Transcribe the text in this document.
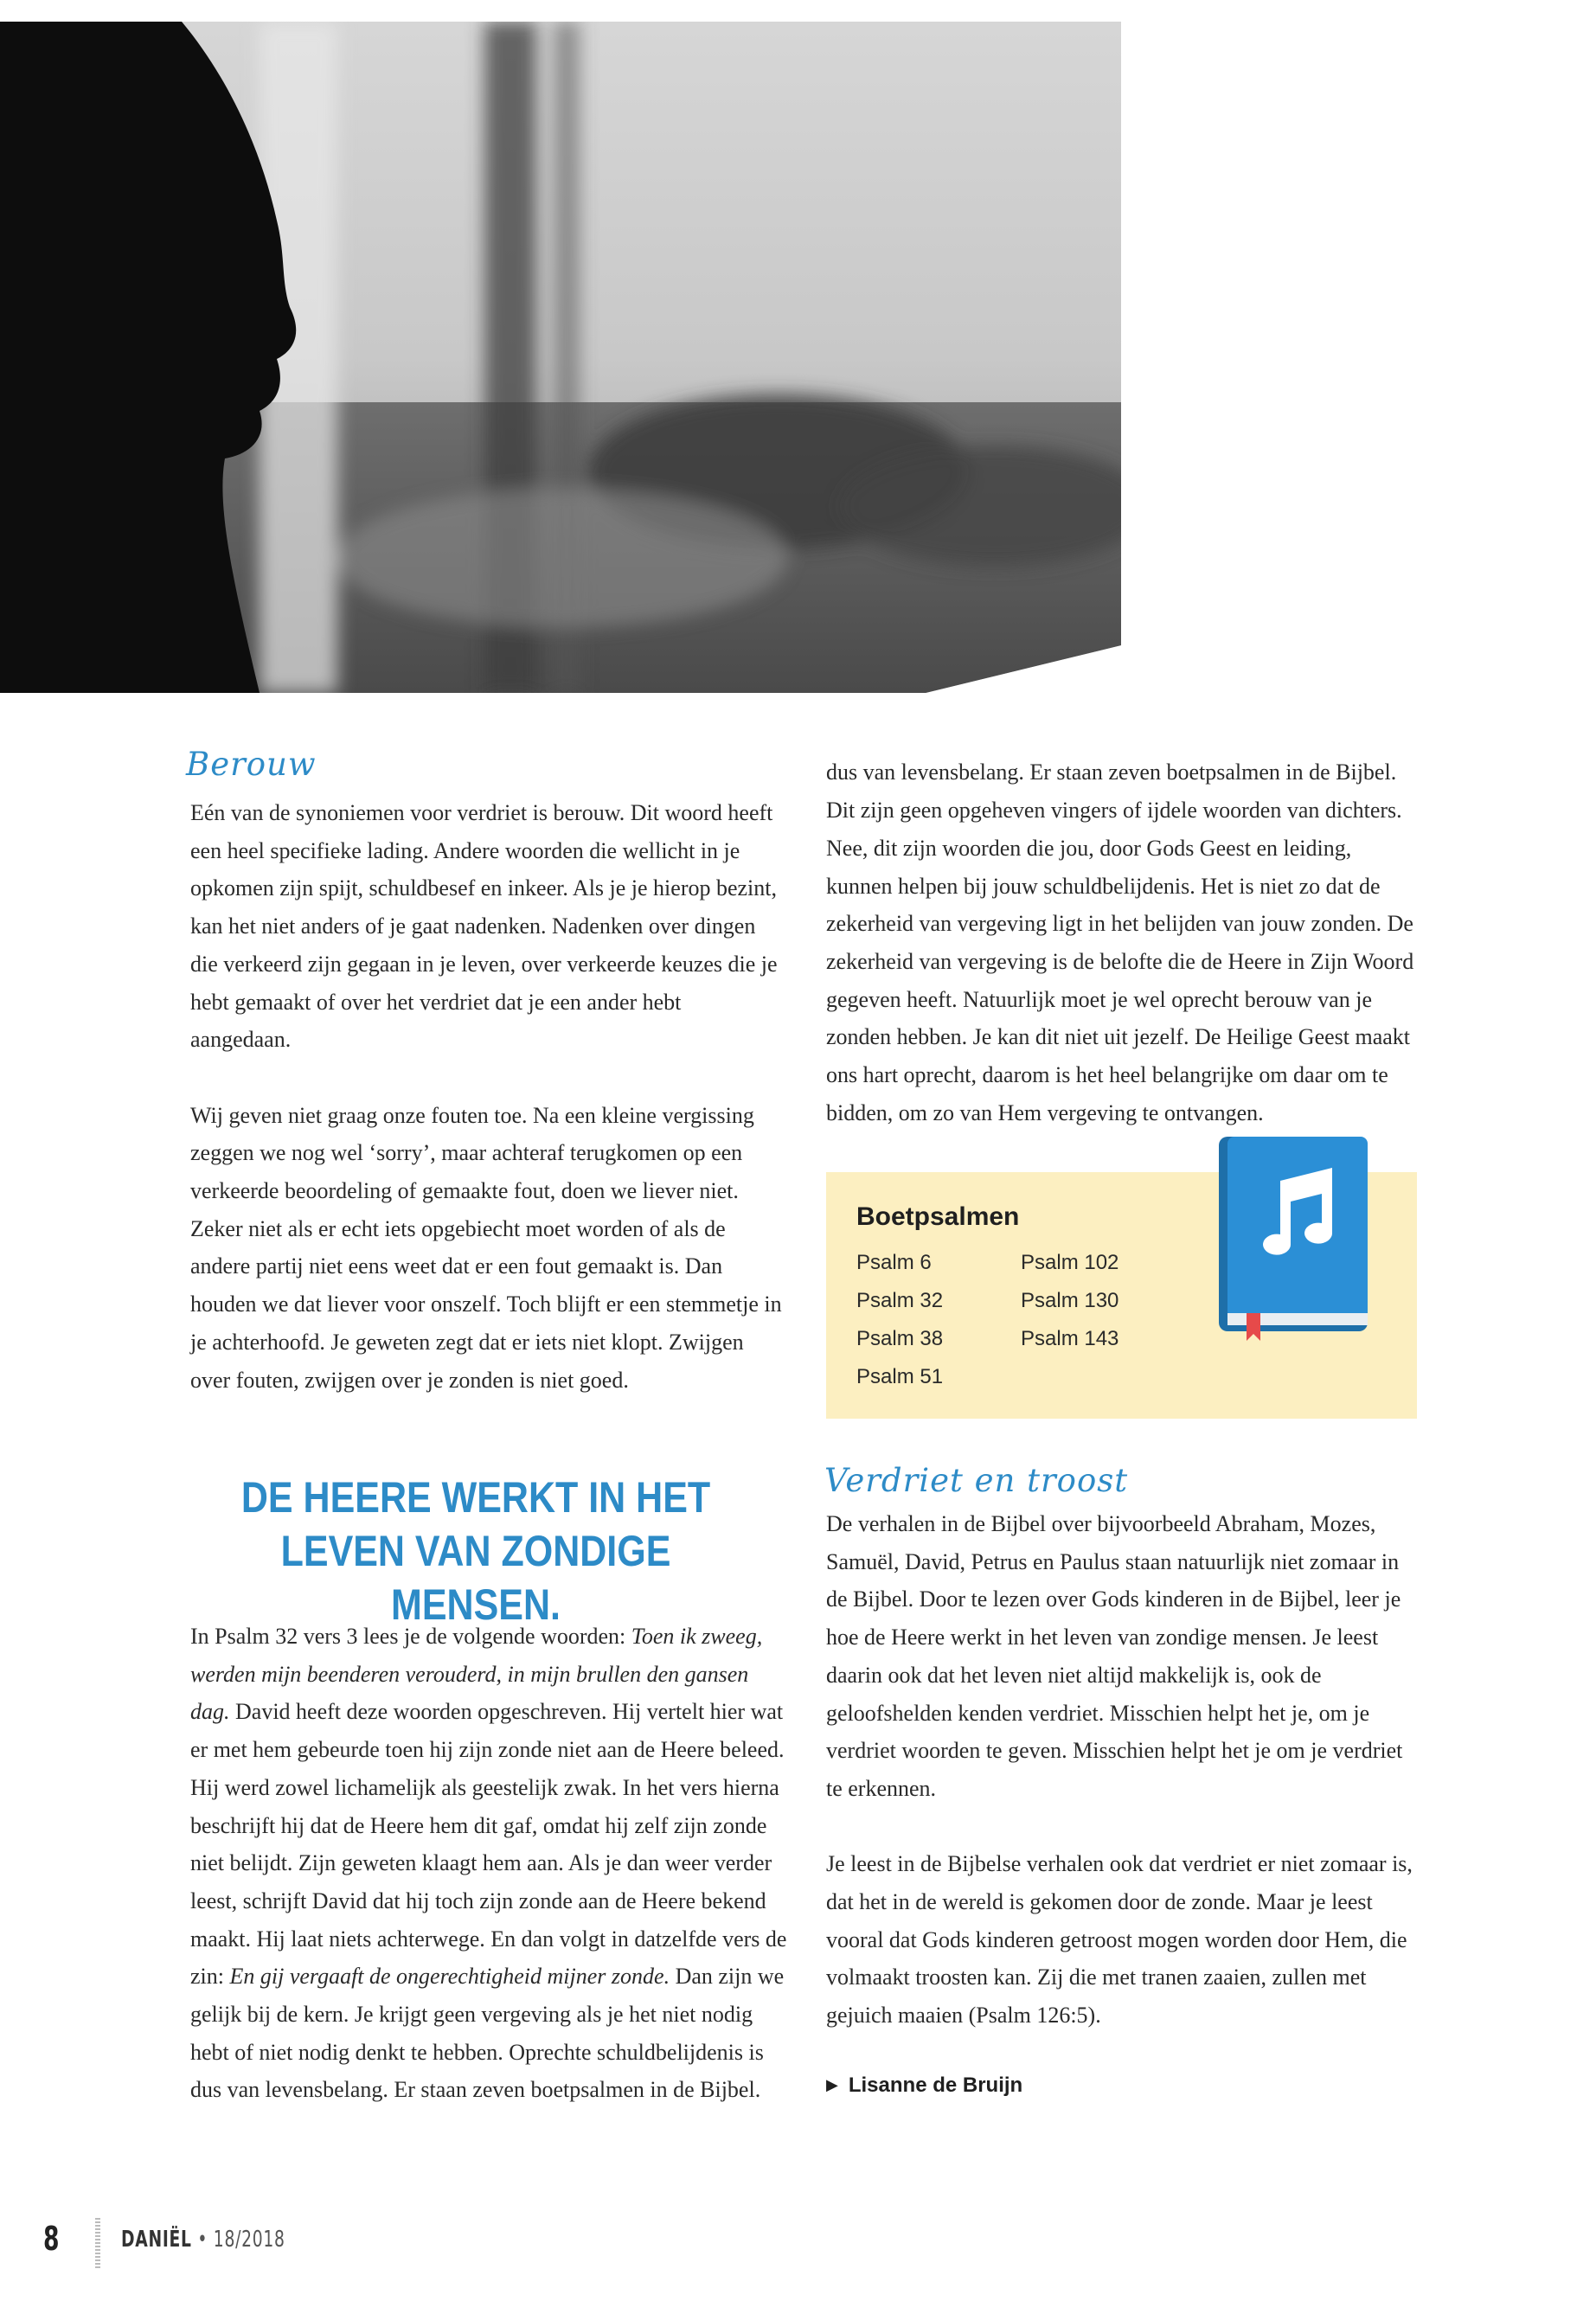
Berouw

Eén van de synoniemen voor verdriet is berouw. Dit woord heeft een heel specifieke lading. Andere woorden die wellicht in je opkomen zijn spijt, schuldbesef en inkeer. Als je je hierop bezint, kan het niet anders of je gaat nadenken. Nadenken over dingen die verkeerd zijn gegaan in je leven, over verkeerde keuzes die je hebt gemaakt of over het verdriet dat je een ander hebt aangedaan.

Wij geven niet graag onze fouten toe. Na een kleine vergissing zeggen we nog wel ‘sorry’, maar achteraf terugkomen op een verkeerde beoordeling of gemaakte fout, doen we liever niet. Zeker niet als er echt iets opgebiecht moet worden of als de andere partij niet eens weet dat er een fout gemaakt is. Dan houden we dat liever voor onszelf. Toch blijft er een stemmetje in je achterhoofd. Je geweten zegt dat er iets niet klopt. Zwijgen over fouten, zwijgen over je zonden is niet goed.

DE HEERE WERKT IN HET LEVEN VAN ZONDIGE MENSEN.

In Psalm 32 vers 3 lees je de volgende woorden: Toen ik zweeg, werden mijn beenderen verouderd, in mijn brullen den gansen dag. David heeft deze woorden opgeschreven. Hij vertelt hier wat er met hem gebeurde toen hij zijn zonde niet aan de Heere beleed. Hij werd zowel lichamelijk als geestelijk zwak. In het vers hierna beschrijft hij dat de Heere hem dit gaf, omdat hij zelf zijn zonde niet belijdt. Zijn geweten klaagt hem aan. Als je dan weer verder leest, schrijft David dat hij toch zijn zonde aan de Heere bekend maakt. Hij laat niets achterwege. En dan volgt in datzelfde vers de zin: En gij vergaaft de ongerechtigheid mijner zonde. Dan zijn we gelijk bij de kern. Je krijgt geen vergeving als je het niet nodig hebt of niet nodig denkt te hebben. Oprechte schuldbelijdenis is dus van levensbelang. Er staan zeven boetpsalmen in de Bijbel.

dus van levensbelang. Er staan zeven boetpsalmen in de Bijbel. Dit zijn geen opgeheven vingers of ijdele woorden van dichters. Nee, dit zijn woorden die jou, door Gods Geest en leiding, kunnen helpen bij jouw schuldbelijdenis. Het is niet zo dat de zekerheid van vergeving ligt in het belijden van jouw zonden. De zekerheid van vergeving is de belofte die de Heere in Zijn Woord gegeven heeft. Natuurlijk moet je wel oprecht berouw van je zonden hebben. Je kan dit niet uit jezelf. De Heilige Geest maakt ons hart oprecht, daarom is het heel belangrijke om daar om te bidden, om zo van Hem vergeving te ontvangen.

Boetpsalmen
Psalm 6
Psalm 32
Psalm 38
Psalm 51
Psalm 102
Psalm 130
Psalm 143
Verdriet en troost

De verhalen in de Bijbel over bijvoorbeeld Abraham, Mozes, Samuël, David, Petrus en Paulus staan natuurlijk niet zomaar in de Bijbel. Door te lezen over Gods kinderen in de Bijbel, leer je hoe de Heere werkt in het leven van zondige mensen. Je leest daarin ook dat het leven niet altijd makkelijk is, ook de geloofshelden kenden verdriet. Misschien helpt het je, om je verdriet woorden te geven. Misschien helpt het je om je verdriet te erkennen.

Je leest in de Bijbelse verhalen ook dat verdriet er niet zomaar is, dat het in de wereld is gekomen door de zonde. Maar je leest vooral dat Gods kinderen getroost mogen worden door Hem, die volmaakt troosten kan. Zij die met tranen zaaien, zullen met gejuich maaien (Psalm 126:5).

▶ Lisanne de Bruijn
8	DANIËL • 18/2018
